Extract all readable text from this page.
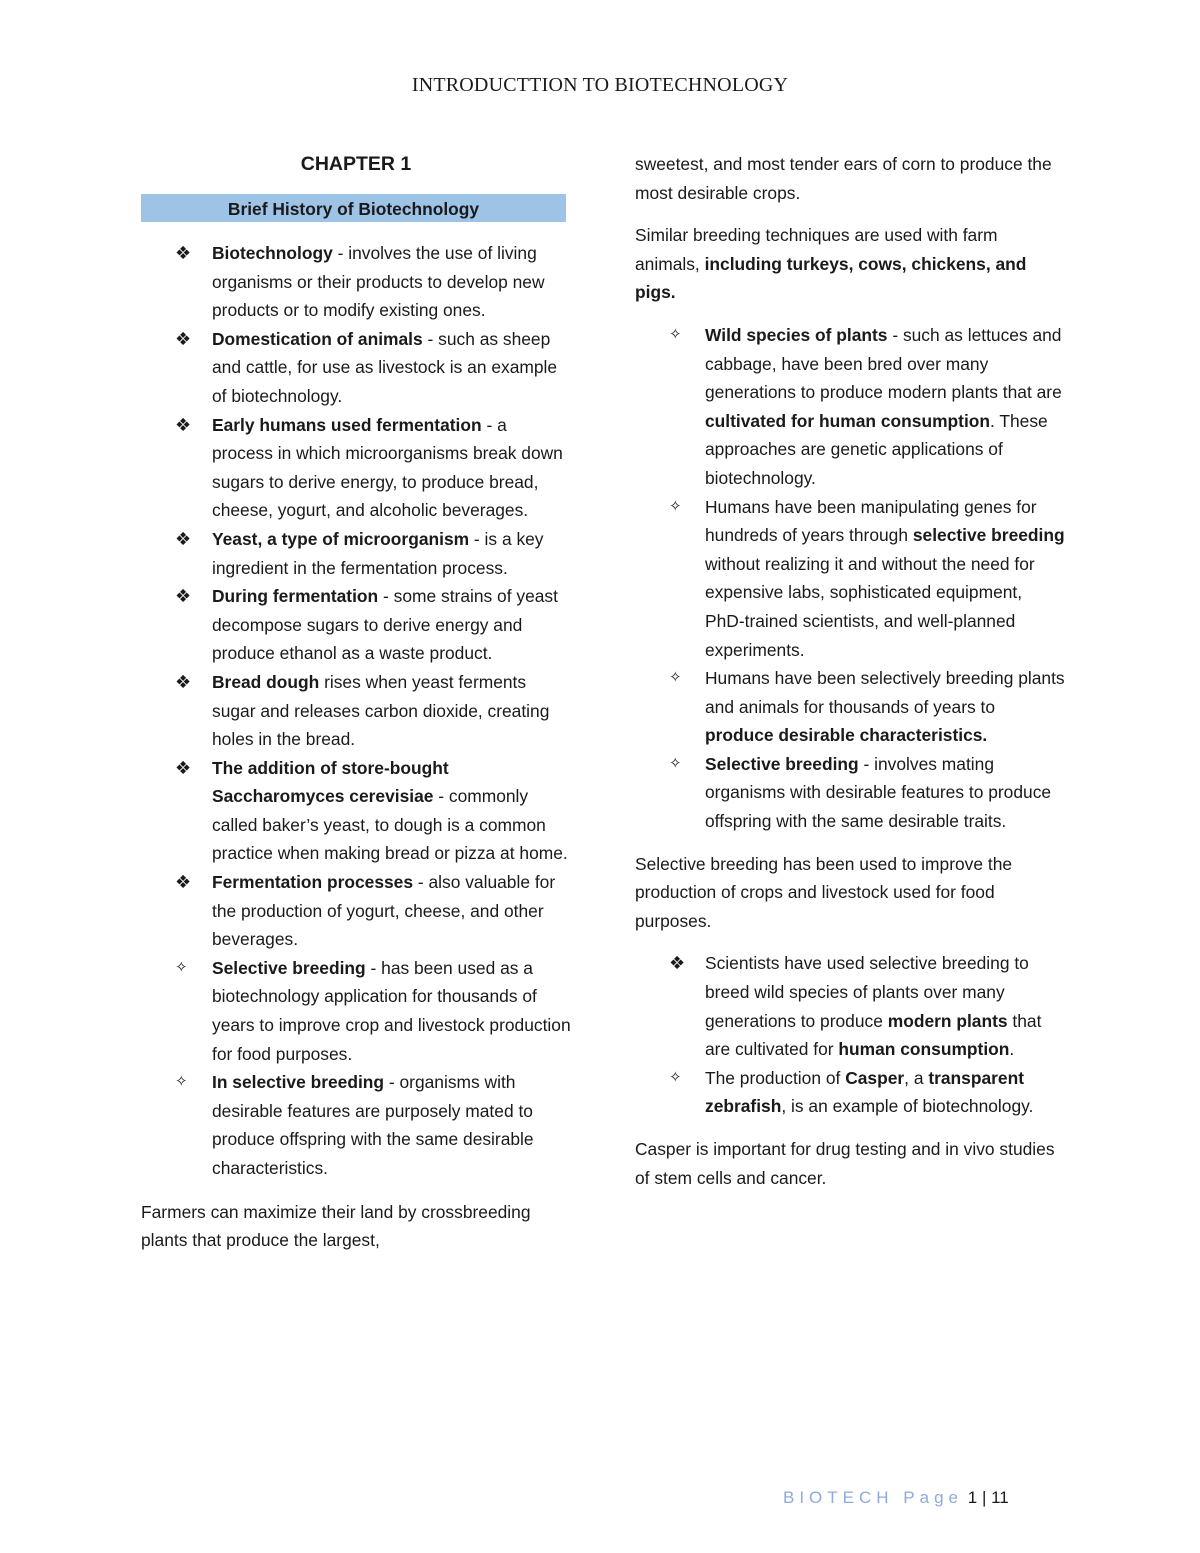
INTRODUCTTION TO BIOTECHNOLOGY
CHAPTER 1
Brief History of Biotechnology
❖ Biotechnology - involves the use of living organisms or their products to develop new products or to modify existing ones.
❖ Domestication of animals - such as sheep and cattle, for use as livestock is an example of biotechnology.
❖ Early humans used fermentation - a process in which microorganisms break down sugars to derive energy, to produce bread, cheese, yogurt, and alcoholic beverages.
❖ Yeast, a type of microorganism - is a key ingredient in the fermentation process.
❖ During fermentation - some strains of yeast decompose sugars to derive energy and produce ethanol as a waste product.
❖ Bread dough rises when yeast ferments sugar and releases carbon dioxide, creating holes in the bread.
❖ The addition of store-bought Saccharomyces cerevisiae - commonly called baker’s yeast, to dough is a common practice when making bread or pizza at home.
❖ Fermentation processes - also valuable for the production of yogurt, cheese, and other beverages.
✧ Selective breeding - has been used as a biotechnology application for thousands of years to improve crop and livestock production for food purposes.
✧ In selective breeding - organisms with desirable features are purposely mated to produce offspring with the same desirable characteristics.

Farmers can maximize their land by crossbreeding plants that produce the largest,

sweetest, and most tender ears of corn to produce the most desirable crops.

Similar breeding techniques are used with farm animals, including turkeys, cows, chickens, and pigs.

✧ Wild species of plants - such as lettuces and cabbage, have been bred over many generations to produce modern plants that are cultivated for human consumption. These approaches are genetic applications of biotechnology.
✧ Humans have been manipulating genes for hundreds of years through selective breeding without realizing it and without the need for expensive labs, sophisticated equipment, PhD-trained scientists, and well-planned experiments.
✧ Humans have been selectively breeding plants and animals for thousands of years to produce desirable characteristics.
✧ Selective breeding - involves mating organisms with desirable features to produce offspring with the same desirable traits.

Selective breeding has been used to improve the production of crops and livestock used for food purposes.

❖ Scientists have used selective breeding to breed wild species of plants over many generations to produce modern plants that are cultivated for human consumption.
✧ The production of Casper, a transparent zebrafish, is an example of biotechnology.

Casper is important for drug testing and in vivo studies of stem cells and cancer.

BIOTECH Page 1 | 11
